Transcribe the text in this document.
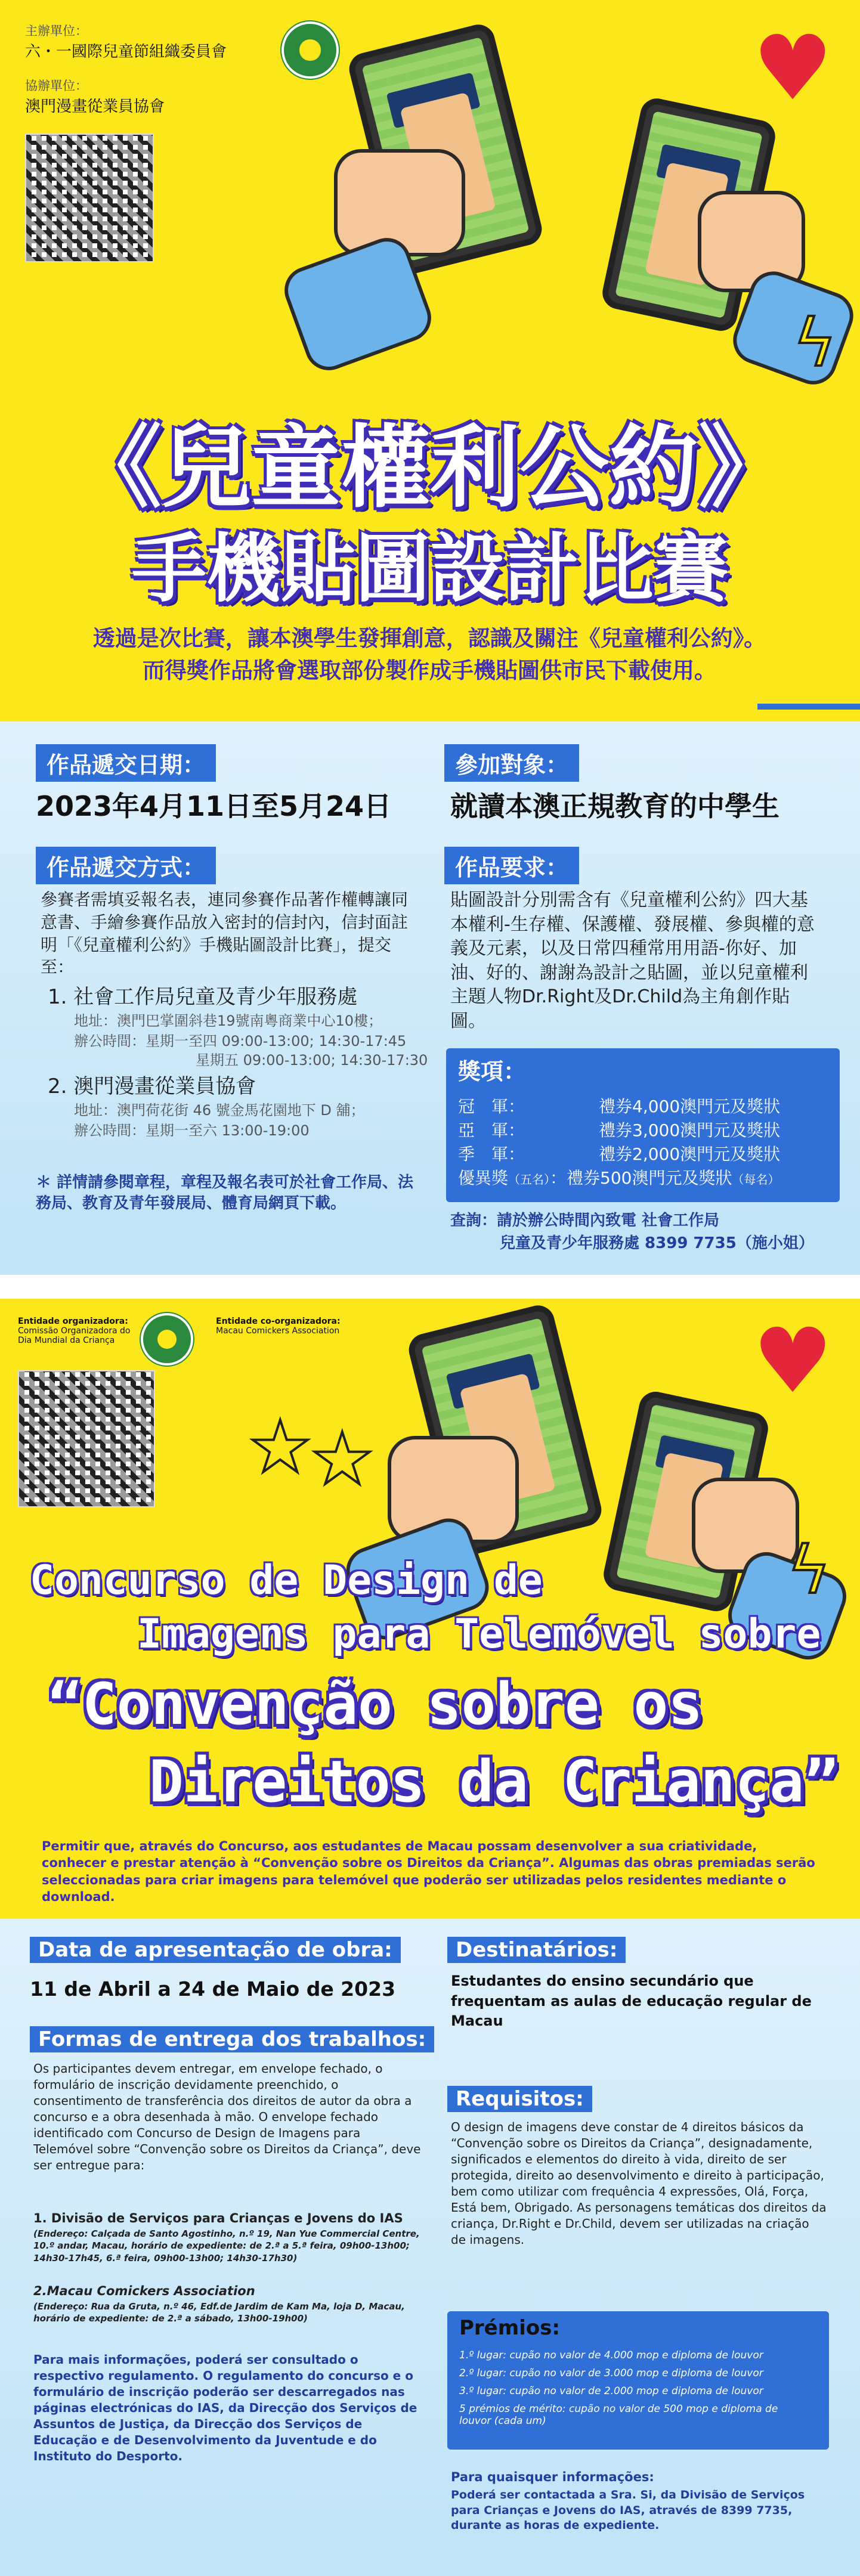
主辦單位：
六・一國際兒童節組織委員會
協辦單位：
澳門漫畫從業員協會	♥
ϟ
《兒童權利公約》
手機貼圖設計比賽
透過是次比賽，讓本澳學生發揮創意，認識及關注《兒童權利公約》。
而得獎作品將會選取部份製作成手機貼圖供市民下載使用。
作品遞交日期：
2023年4月11日至5月24日
參加對象：
就讀本澳正規教育的中學生
作品遞交方式：
參賽者需填妥報名表，連同參賽作品著作權轉讓同意書、手繪參賽作品放入密封的信封內，信封面註明「《兒童權利公約》手機貼圖設計比賽」，提交至：
1. 社會工作局兒童及青少年服務處
地址：澳門巴掌圍斜巷19號南粵商業中心10樓；
辦公時間：星期一至四 09:00-13:00; 14:30-17:45
星期五 09:00-13:00; 14:30-17:30
2. 澳門漫畫從業員協會
地址：澳門荷花街 46 號金馬花園地下 D 舖；
辦公時間：星期一至六 13:00-19:00
＊ 詳情請參閱章程，章程及報名表可於社會工作局、法務局、教育及青年發展局、體育局網頁下載。
作品要求：
貼圖設計分別需含有《兒童權利公約》四大基本權利-生存權、保護權、發展權、參與權的意義及元素，以及日常四種常用用語-你好、加油、好的、謝謝為設計之貼圖，並以兒童權利主題人物Dr.Right及Dr.Child為主角創作貼圖。
獎項：
冠　軍：	禮券4,000澳門元及獎狀
亞　軍：	禮券3,000澳門元及獎狀
季　軍：	禮券2,000澳門元及獎狀
優異獎（五名）：禮券500澳門元及獎狀（每名）
查詢：請於辦公時間內致電 社會工作局
兒童及青少年服務處 8399 7735（施小姐）
Entidade organizadora:
Comissão Organizadora do Dia Mundial da Criança
Entidade co-organizadora:
Macau Comickers Association
★
★
♥
ϟ
Concurso de Design de
Imagens para Telemóvel sobre
“Convenção sobre os
Direitos da Criança”
Permitir que, através do Concurso, aos estudantes de Macau possam desenvolver a sua criatividade, conhecer e prestar atenção à “Convenção sobre os Direitos da Criança”. Algumas das obras premiadas serão seleccionadas para criar imagens para telemóvel que poderão ser utilizadas pelos residentes mediante o download.
Data de apresentação de obra:
11 de Abril a 24 de Maio de 2023
Destinatários:
Estudantes do ensino secundário que frequentam as aulas de educação regular de Macau
Formas de entrega dos trabalhos:
Os participantes devem entregar, em envelope fechado, o formulário de inscrição devidamente preenchido, o consentimento de transferência dos direitos de autor da obra a concurso e a obra desenhada à mão. O envelope fechado identificado com Concurso de Design de Imagens para Telemóvel sobre “Convenção sobre os Direitos da Criança”, deve ser entregue para:
1. Divisão de Serviços para Crianças e Jovens do IAS
(Endereço: Calçada de Santo Agostinho, n.º 19, Nan Yue Commercial Centre, 10.º andar, Macau, horário de expediente: de 2.ª a 5.ª feira, 09h00-13h00; 14h30-17h45, 6.ª feira, 09h00-13h00; 14h30-17h30)
2.Macau Comickers Association
(Endereço: Rua da Gruta, n.º 46, Edf.de Jardim de Kam Ma, loja D, Macau, horário de expediente: de 2.ª a sábado, 13h00-19h00)
Para mais informações, poderá ser consultado o respectivo regulamento. O regulamento do concurso e o formulário de inscrição poderão ser descarregados nas páginas electrónicas do IAS, da Direcção dos Serviços de Assuntos de Justiça, da Direcção dos Serviços de Educação e de Desenvolvimento da Juventude e do Instituto do Desporto.
Requisitos:
O design de imagens deve constar de 4 direitos básicos da “Convenção sobre os Direitos da Criança”, designadamente, significados e elementos do direito à vida, direito de ser protegida, direito ao desenvolvimento e direito à participação, bem como utilizar com frequência 4 expressões, Olá, Força, Está bem, Obrigado. As personagens temáticas dos direitos da criança, Dr.Right e Dr.Child, devem ser utilizadas na criação de imagens.
Prémios:
1.º lugar: cupão no valor de 4.000 mop e diploma de louvor
2.º lugar: cupão no valor de 3.000 mop e diploma de louvor
3.º lugar: cupão no valor de 2.000 mop e diploma de louvor
5 prémios de mérito: cupão no valor de 500 mop e diploma de louvor (cada um)
Para quaisquer informações:
Poderá ser contactada a Sra. Si, da Divisão de Serviços para Crianças e Jovens do IAS, através de 8399 7735, durante as horas de expediente.
